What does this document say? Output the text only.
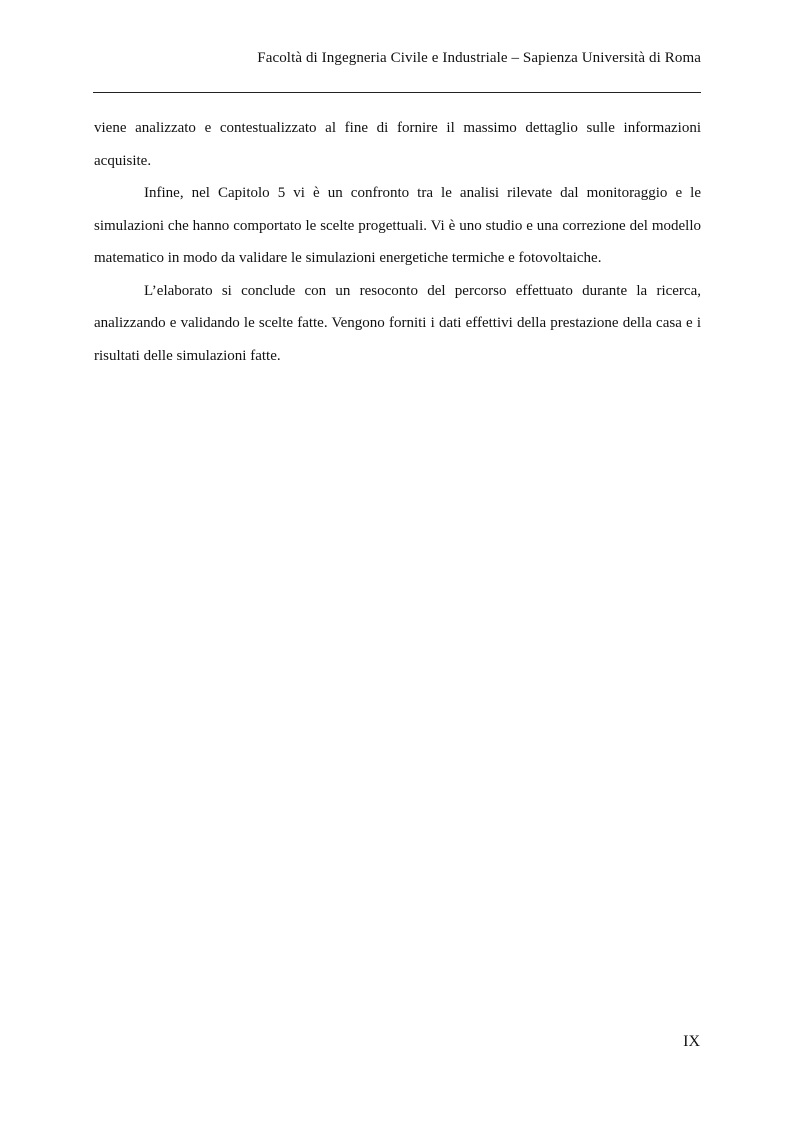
Facoltà di Ingegneria Civile e Industriale – Sapienza Università di Roma

viene analizzato e contestualizzato al fine di fornire il massimo dettaglio sulle informazioni acquisite.

Infine, nel Capitolo 5 vi è un confronto tra le analisi rilevate dal monitoraggio e le simulazioni che hanno comportato le scelte progettuali. Vi è uno studio e una correzione del modello matematico in modo da validare le simulazioni energetiche termiche e fotovoltaiche.

L’elaborato si conclude con un resoconto del percorso effettuato durante la ricerca, analizzando e validando le scelte fatte. Vengono forniti i dati effettivi della prestazione della casa e i risultati delle simulazioni fatte.

IX
